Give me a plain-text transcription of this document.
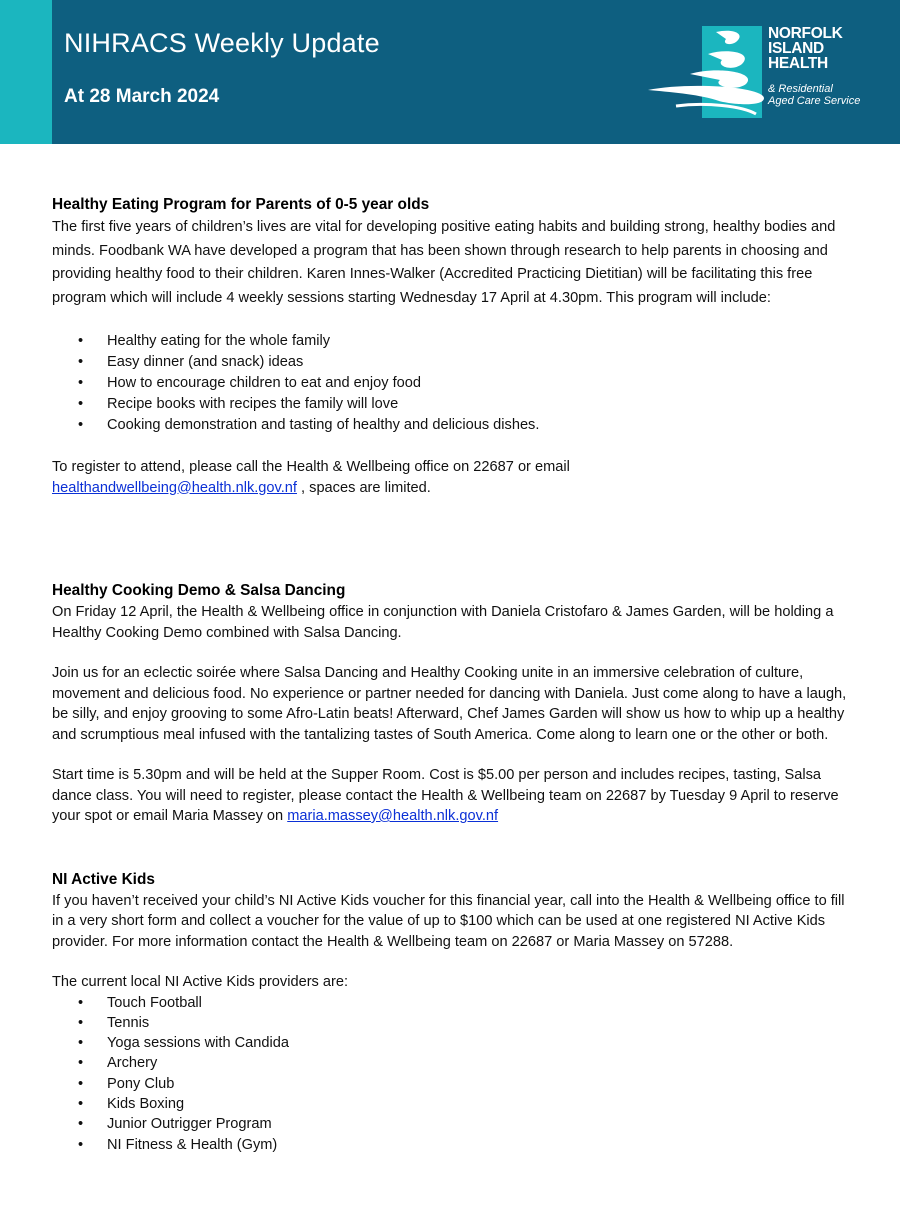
NIHRACS Weekly Update
At 28 March 2024
NORFOLK
ISLAND
HEALTH
& Residential
Aged Care Service
Healthy Eating Program for Parents of 0-5 year olds

The first five years of children’s lives are vital for developing positive eating habits and building strong, healthy bodies and minds. Foodbank WA have developed a program that has been shown through research to help parents in choosing and providing healthy food to their children. Karen Innes-Walker (Accredited Practicing Dietitian) will be facilitating this free program which will include 4 weekly sessions starting Wednesday 17 April at 4.30pm. This program will include:

• Healthy eating for the whole family
• Easy dinner (and snack) ideas
• How to encourage children to eat and enjoy food
• Recipe books with recipes the family will love
• Cooking demonstration and tasting of healthy and delicious dishes.

To register to attend, please call the Health & Wellbeing office on 22687 or email
healthandwellbeing@health.nlk.gov.nf , spaces are limited.

Healthy Cooking Demo & Salsa Dancing

On Friday 12 April, the Health & Wellbeing office in conjunction with Daniela Cristofaro & James Garden, will be holding a Healthy Cooking Demo combined with Salsa Dancing.

Join us for an eclectic soirée where Salsa Dancing and Healthy Cooking unite in an immersive celebration of culture, movement and delicious food. No experience or partner needed for dancing with Daniela. Just come along to have a laugh, be silly, and enjoy grooving to some Afro-Latin beats! Afterward, Chef James Garden will show us how to whip up a healthy and scrumptious meal infused with the tantalizing tastes of South America. Come along to learn one or the other or both.

Start time is 5.30pm and will be held at the Supper Room. Cost is $5.00 per person and includes recipes, tasting, Salsa dance class. You will need to register, please contact the Health & Wellbeing team on 22687 by Tuesday 9 April to reserve your spot or email Maria Massey on maria.massey@health.nlk.gov.nf

NI Active Kids

If you haven’t received your child’s NI Active Kids voucher for this financial year, call into the Health & Wellbeing office to fill in a very short form and collect a voucher for the value of up to $100 which can be used at one registered NI Active Kids provider. For more information contact the Health & Wellbeing team on 22687 or Maria Massey on 57288.

The current local NI Active Kids providers are:

• Touch Football
• Tennis
• Yoga sessions with Candida
• Archery
• Pony Club
• Kids Boxing
• Junior Outrigger Program
• NI Fitness & Health (Gym)
